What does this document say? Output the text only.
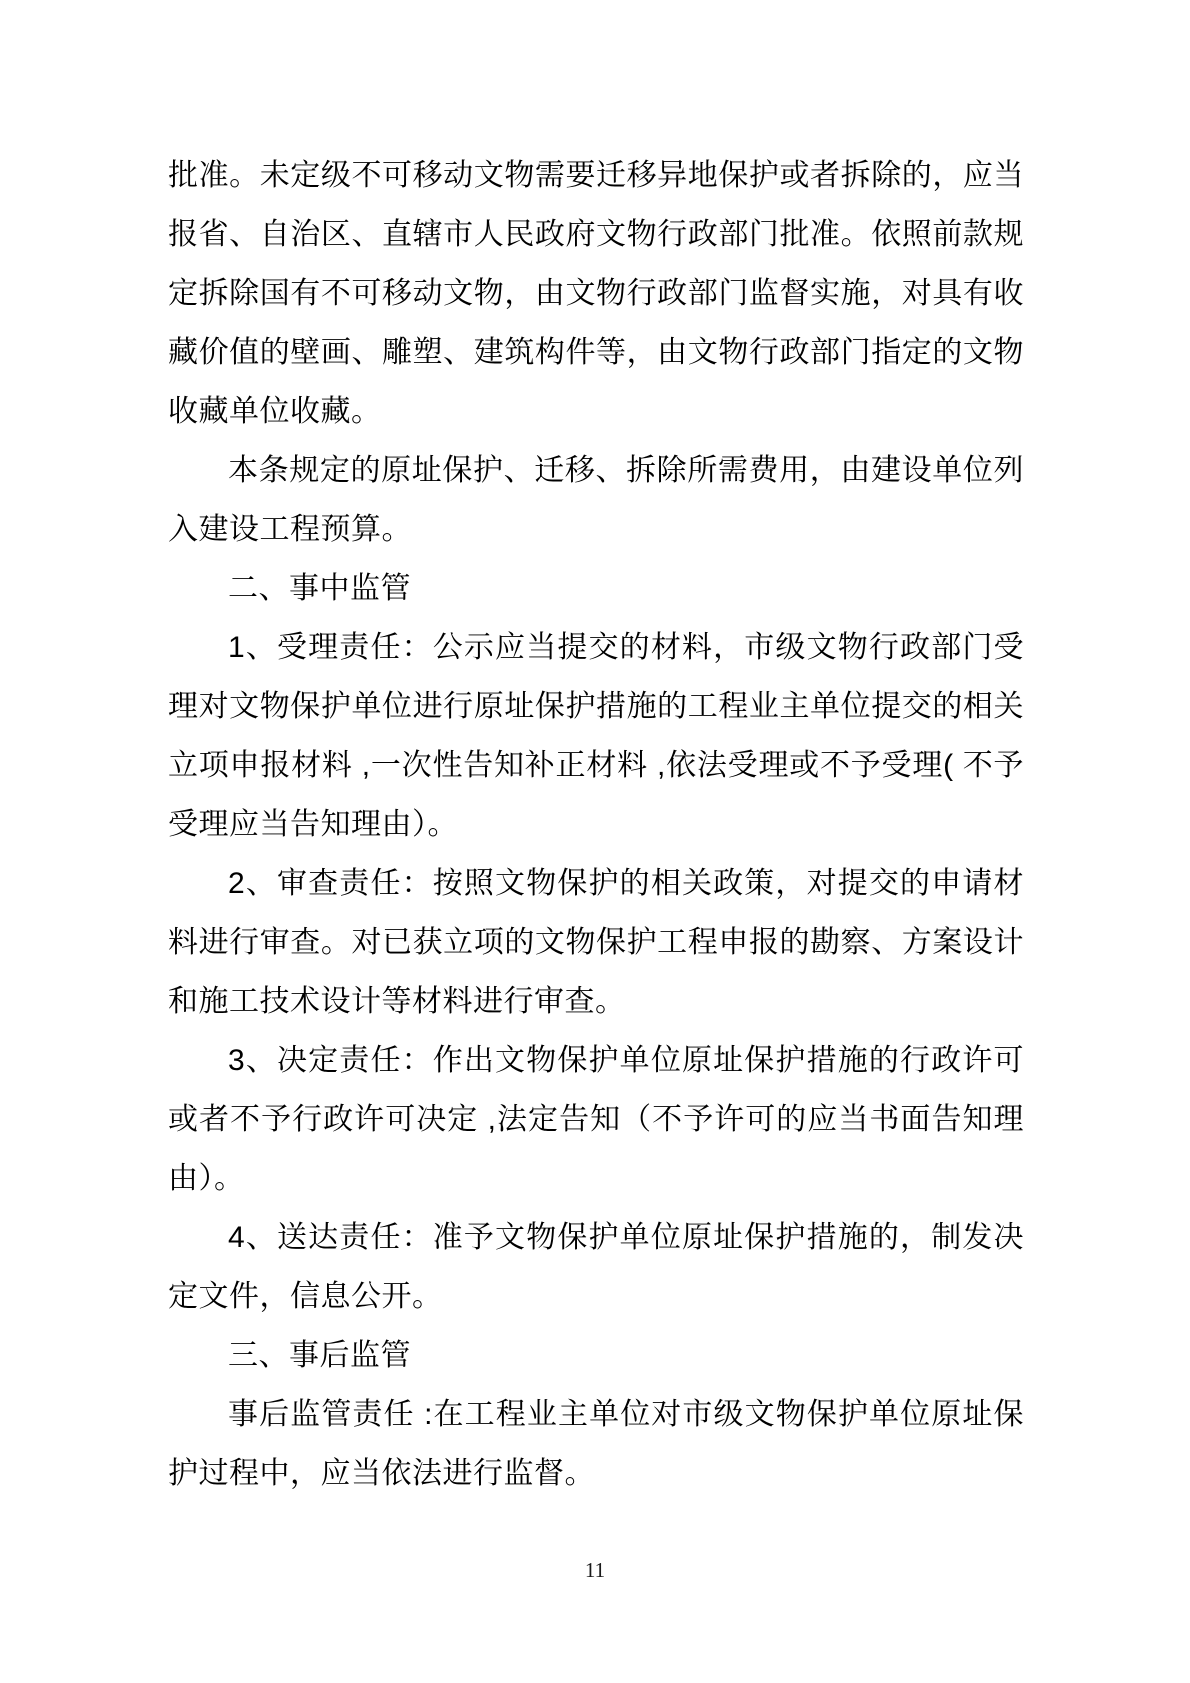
批准。未定级不可移动文物需要迁移异地保护或者拆除的，应当报省、自治区、直辖市人民政府文物行政部门批准。依照前款规定拆除国有不可移动文物，由文物行政部门监督实施，对具有收藏价值的壁画、雕塑、建筑构件等，由文物行政部门指定的文物收藏单位收藏。

本条规定的原址保护、迁移、拆除所需费用，由建设单位列入建设工程预算。

二、事中监管

1、受理责任：公示应当提交的材料，市级文物行政部门受理对文物保护单位进行原址保护措施的工程业主单位提交的相关立项申报材料 ,一次性告知补正材料 ,依法受理或不予受理( 不予受理应当告知理由）。

2、审查责任：按照文物保护的相关政策，对提交的申请材料进行审查。对已获立项的文物保护工程申报的勘察、方案设计和施工技术设计等材料进行审查。

3、决定责任：作出文物保护单位原址保护措施的行政许可或者不予行政许可决定 ,法定告知（不予许可的应当书面告知理由）。

4、送达责任：准予文物保护单位原址保护措施的，制发决定文件，信息公开。

三、事后监管

事后监管责任 :在工程业主单位对市级文物保护单位原址保护过程中，应当依法进行监督。

11
